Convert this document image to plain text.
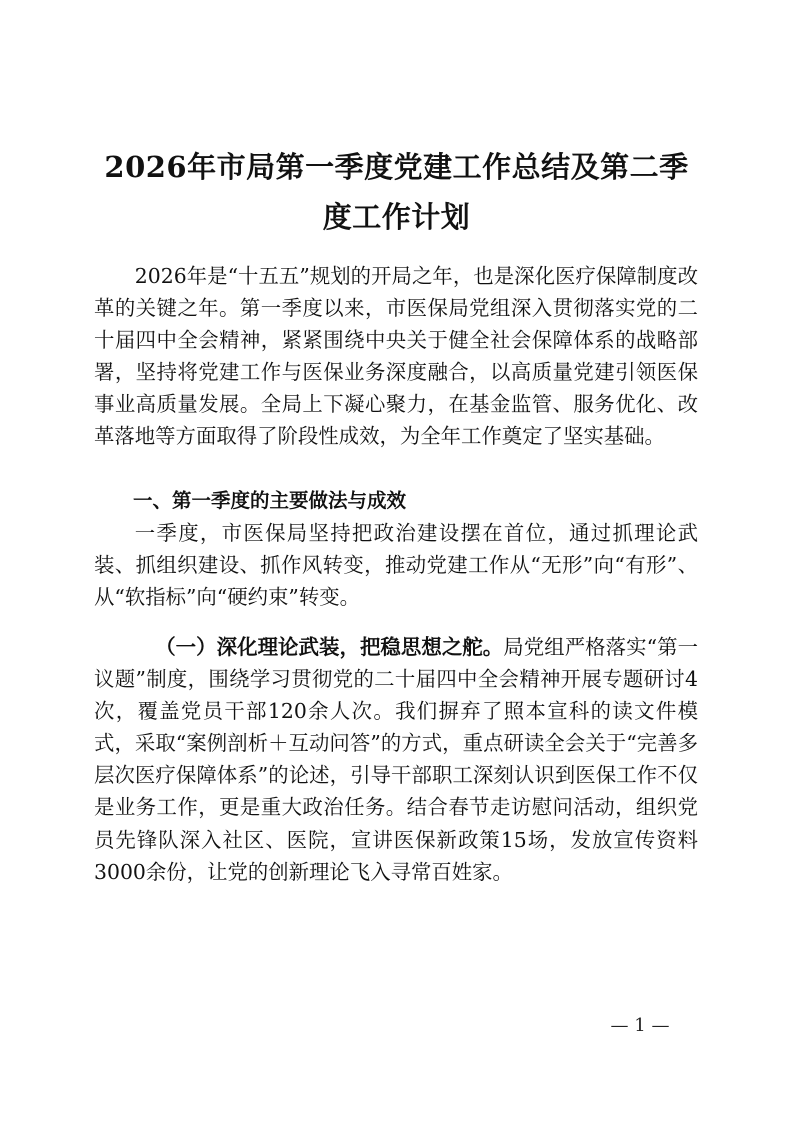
2026年市局第一季度党建工作总结及第二季度工作计划

2026年是“十五五”规划的开局之年，也是深化医疗保障制度改革的关键之年。第一季度以来，市医保局党组深入贯彻落实党的二十届四中全会精神，紧紧围绕中央关于健全社会保障体系的战略部署，坚持将党建工作与医保业务深度融合，以高质量党建引领医保事业高质量发展。全局上下凝心聚力，在基金监管、服务优化、改革落地等方面取得了阶段性成效，为全年工作奠定了坚实基础。

一、第一季度的主要做法与成效

一季度，市医保局坚持把政治建设摆在首位，通过抓理论武装、抓组织建设、抓作风转变，推动党建工作从“无形”向“有形”、从“软指标”向“硬约束”转变。

（一）深化理论武装，把稳思想之舵。局党组严格落实“第一议题”制度，围绕学习贯彻党的二十届四中全会精神开展专题研讨4次，覆盖党员干部120余人次。我们摒弃了照本宣科的读文件模式，采取“案例剖析＋互动问答”的方式，重点研读全会关于“完善多层次医疗保障体系”的论述，引导干部职工深刻认识到医保工作不仅是业务工作，更是重大政治任务。结合春节走访慰问活动，组织党员先锋队深入社区、医院，宣讲医保新政策15场，发放宣传资料3000余份，让党的创新理论飞入寻常百姓家。

— 1 —
